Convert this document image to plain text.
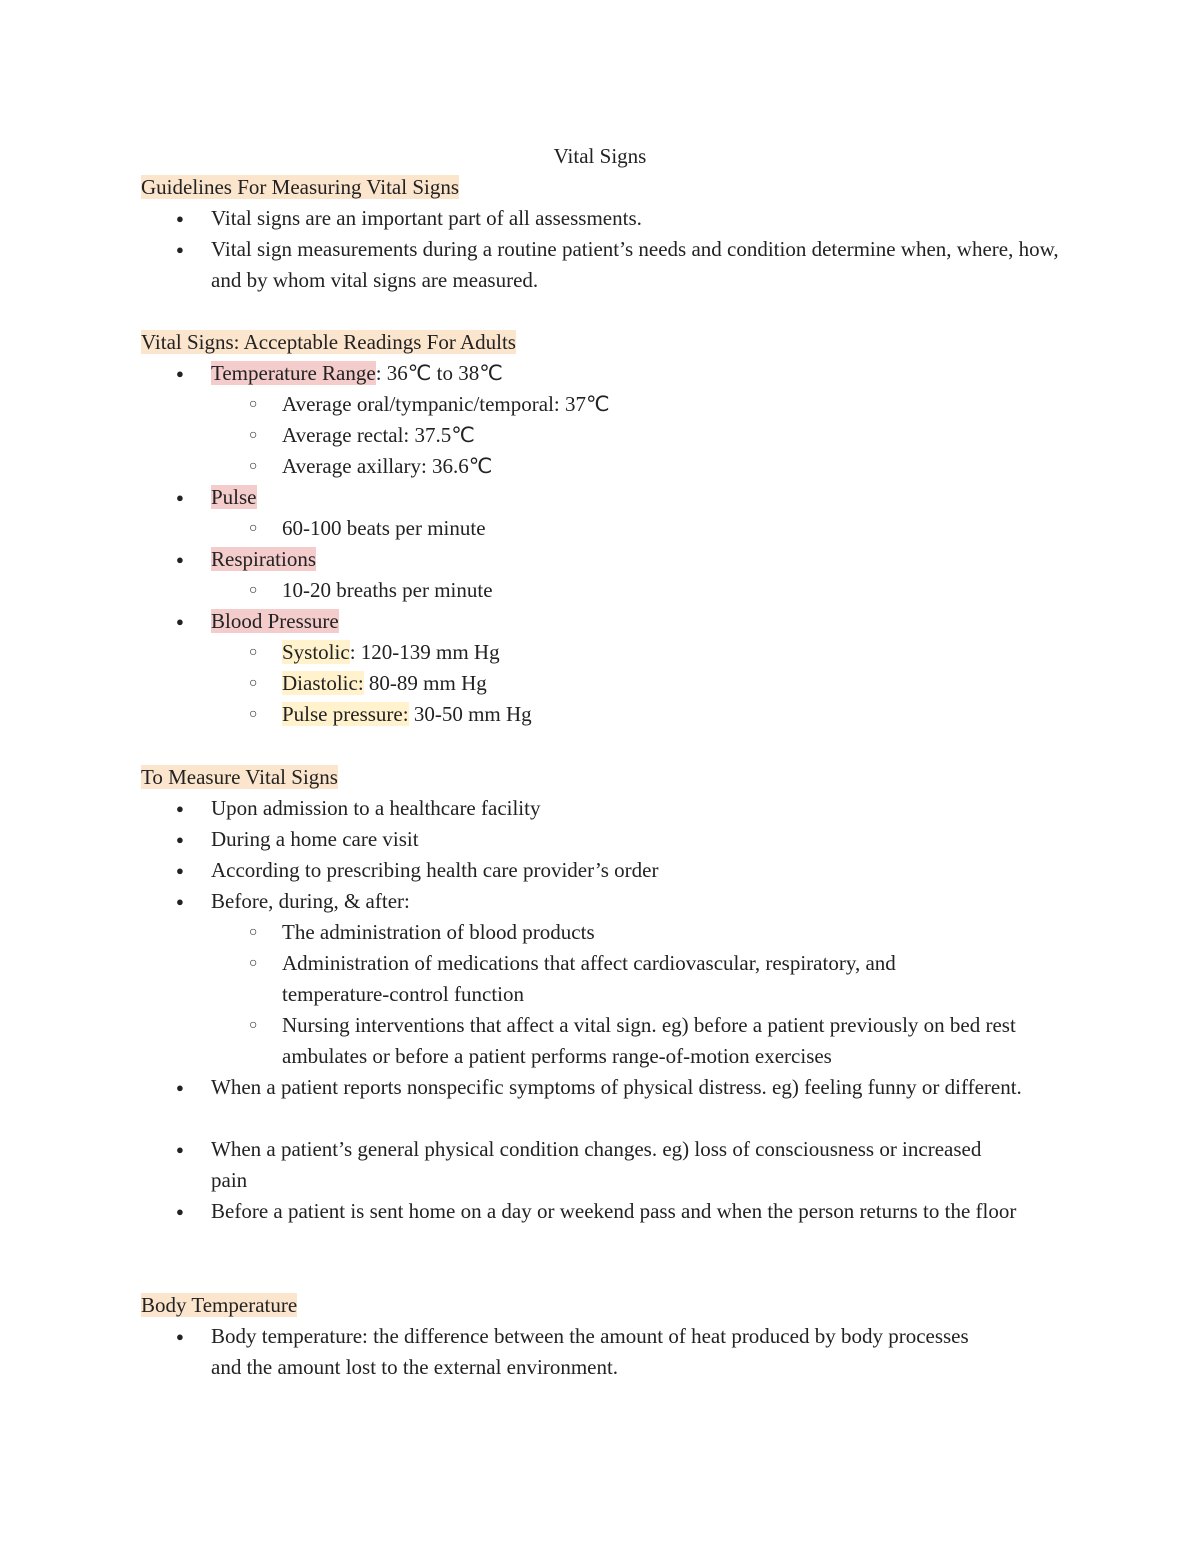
Vital Signs
Guidelines For Measuring Vital Signs
●	Vital signs are an important part of all assessments.
●	Vital sign measurements during a routine patient’s needs and condition determine when, where, how, and by whom vital signs are measured.
Vital Signs: Acceptable Readings For Adults
●	Temperature Range: 36℃ to 38℃
○ Average oral/tympanic/temporal: 37℃
○ Average rectal: 37.5℃
○ Average axillary: 36.6℃
●	Pulse
○ 60-100 beats per minute
●	Respirations
○ 10-20 breaths per minute
●	Blood Pressure
○ Systolic: 120-139 mm Hg
○ Diastolic: 80-89 mm Hg
○ Pulse pressure: 30-50 mm Hg
To Measure Vital Signs
●	Upon admission to a healthcare facility
●	During a home care visit
●	According to prescribing health care provider’s order
●	Before, during, & after:
○ The administration of blood products
○ Administration of medications that affect cardiovascular, respiratory, and temperature-control function
○ Nursing interventions that affect a vital sign. eg) before a patient previously on bed rest ambulates or before a patient performs range-of-motion exercises
●	When a patient reports nonspecific symptoms of physical distress. eg) feeling funny or different.
●	When a patient’s general physical condition changes. eg) loss of consciousness or increased pain
●	Before a patient is sent home on a day or weekend pass and when the person returns to the floor
Body Temperature
●	Body temperature: the difference between the amount of heat produced by body processes and the amount lost to the external environment.
